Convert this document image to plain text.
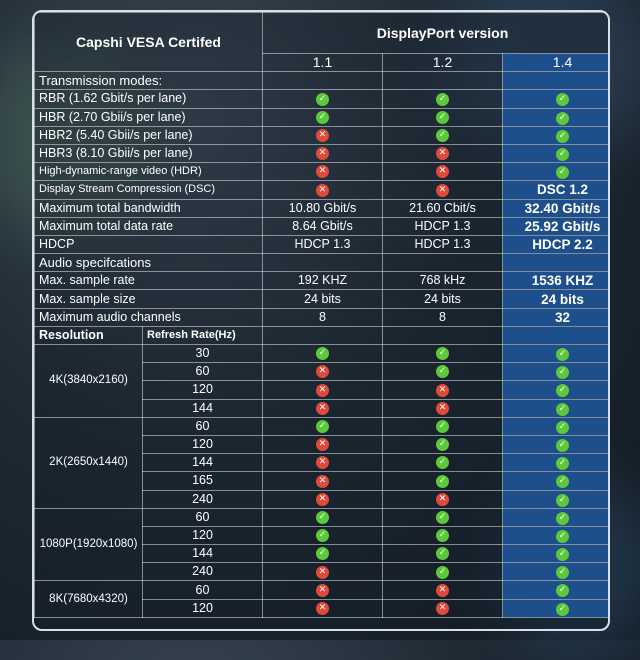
Capshi VESA Certifed		DisplayPort version		
		1.1	1.2	1.4
Transmission modes:				
RBR (1.62 Gbit/s per lane)		✓	✓	✓
HBR (2.70 Gbii/s per lane)		✓	✓	✓
HBR2 (5.40 Gbii/s per lane)		✕	✓	✓
HBR3 (8.10 Gbii/s per lane)		✕	✕	✓
High-dynamic-range video (HDR)		✕	✕	✓
Display Stream Compression (DSC)		✕	✕	DSC 1.2
Maximum total bandwidth		10.80 Gbit/s	21.60 Cbit/s	32.40 Gbit/s
Maximum total data rate		8.64 Gbit/s	HDCP 1.3	25.92 Gbit/s
HDCP		HDCP 1.3	HDCP 1.3	HDCP 2.2
Audio specifcations				
Max. sample rate		192 KHZ	768 kHz	1536 KHZ
Max. sample size		24 bits	24 bits	24 bits
Maximum audio channels		8	8	32
Resolution	Refresh Rate(Hz)			
4K(3840x2160)	30	✓	✓	✓
	60	✕	✓	✓
	120	✕	✕	✓
	144	✕	✕	✓
2K(2650x1440)	60	✓	✓	✓
	120	✕	✓	✓
	144	✕	✓	✓
	165	✕	✓	✓
	240	✕	✕	✓
1080P(1920x1080)	60	✓	✓	✓
	120	✓	✓	✓
	144	✓	✓	✓
	240	✕	✓	✓
8K(7680x4320)	60	✕	✕	✓
	120	✕	✕	✓
